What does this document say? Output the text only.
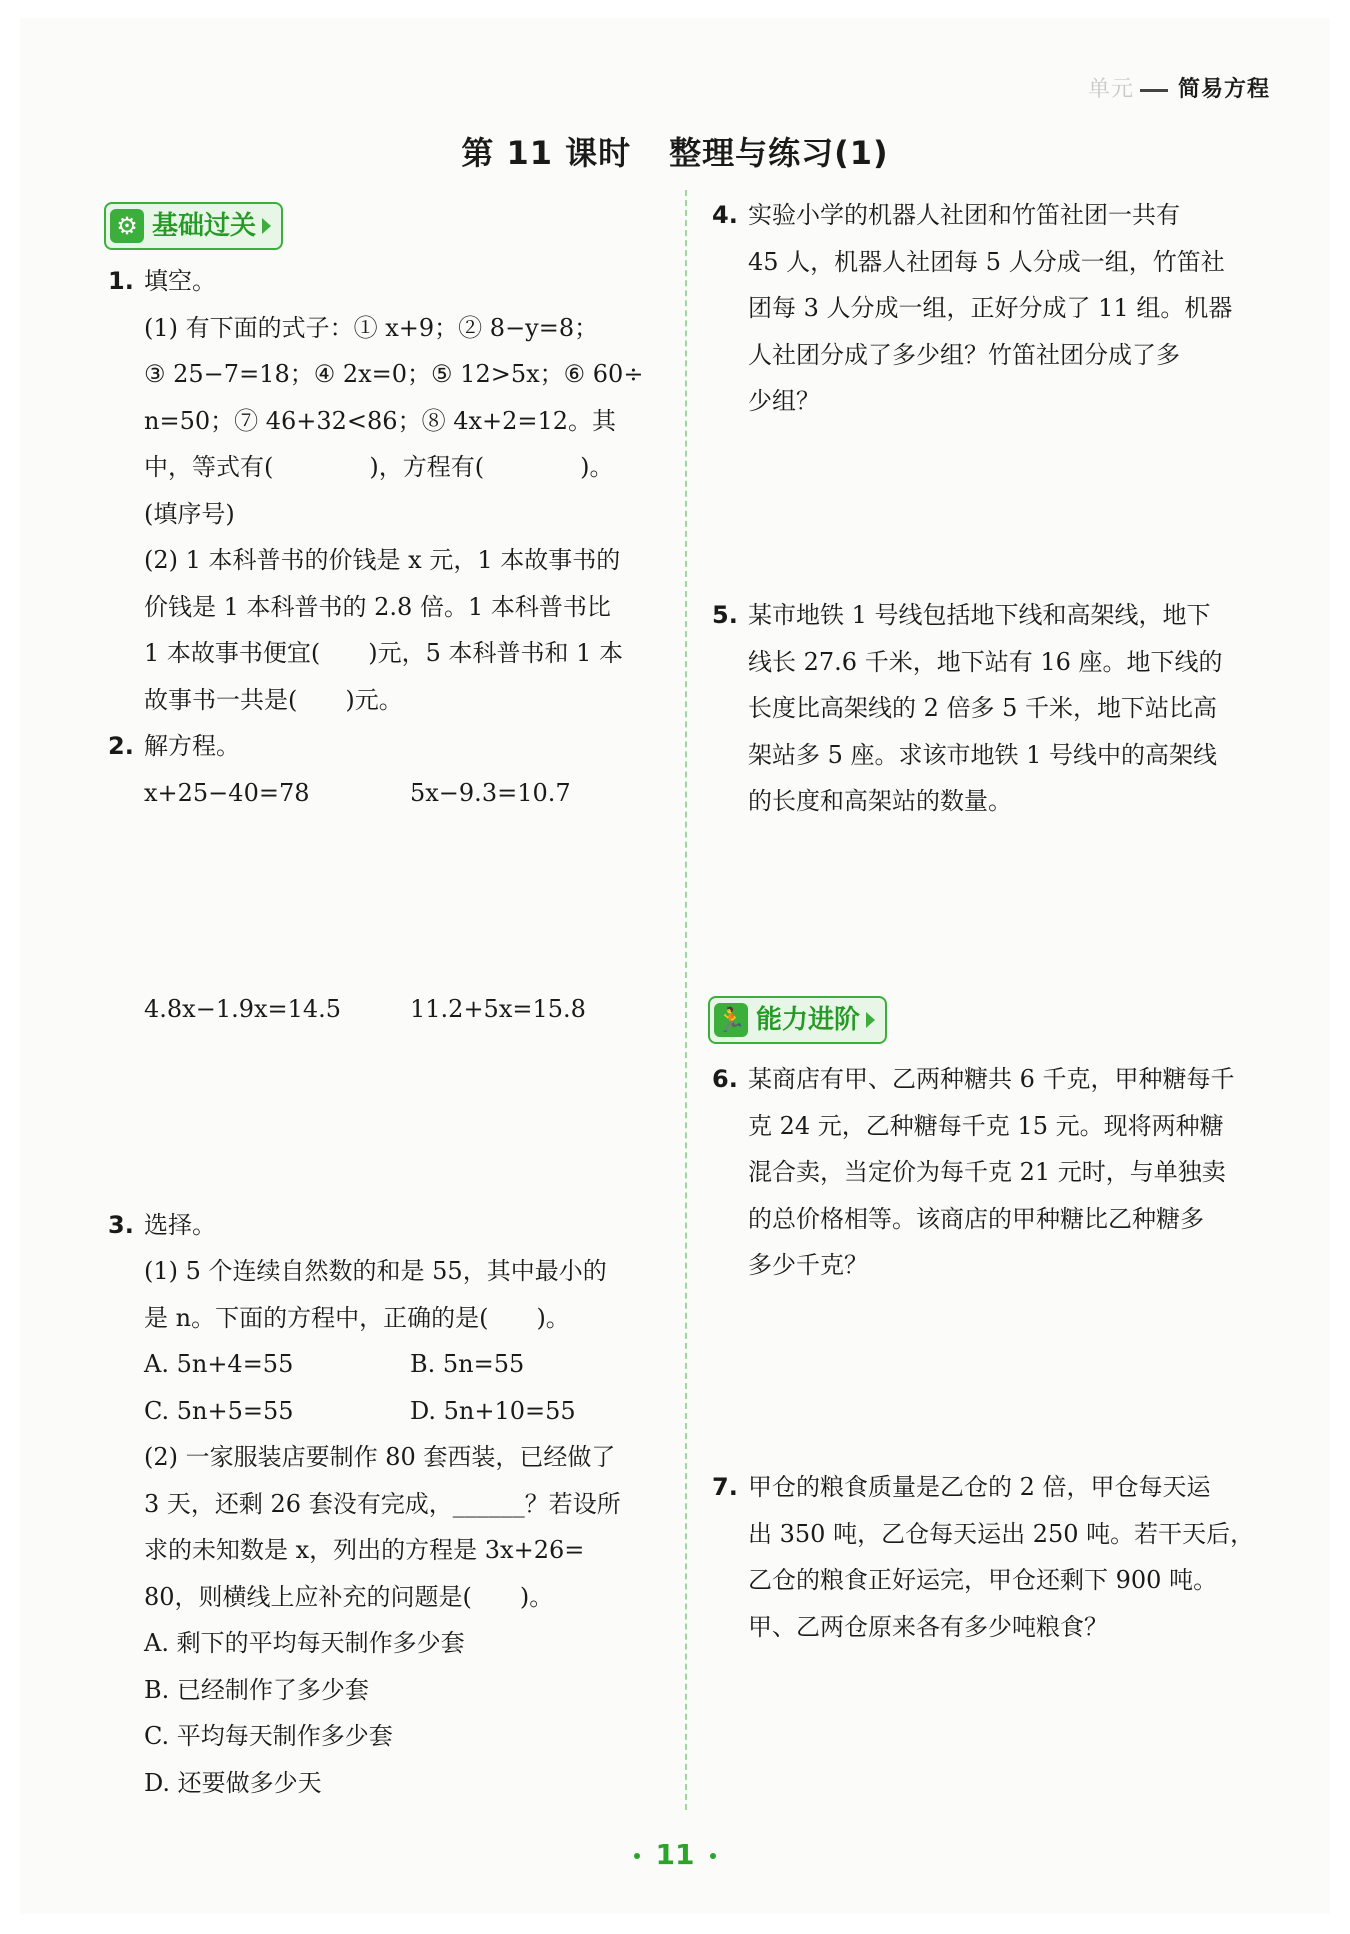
单元 简易方程
第 11 课时 整理与练习(1)
⚙ 基础过关
1. 填空。
(1) 有下面的式子：① x+9；② 8−y=8；
③ 25−7=18；④ 2x=0；⑤ 12>5x；⑥ 60÷
n=50；⑦ 46+32<86；⑧ 4x+2=12。其
中，等式有(　　　　)，方程有(　　　　)。
(填序号)
(2) 1 本科普书的价钱是 x 元，1 本故事书的
价钱是 1 本科普书的 2.8 倍。1 本科普书比
1 本故事书便宜(　　)元，5 本科普书和 1 本
故事书一共是(　　)元。
2. 解方程。
x+25−40=78	5x−9.3=10.7
4.8x−1.9x=14.5	11.2+5x=15.8
3. 选择。
(1) 5 个连续自然数的和是 55，其中最小的
是 n。下面的方程中，正确的是(　　)。
A. 5n+4=55	B. 5n=55
C. 5n+5=55	D. 5n+10=55
(2) 一家服装店要制作 80 套西装，已经做了
3 天，还剩 26 套没有完成，______？若设所
求的未知数是 x，列出的方程是 3x+26=
80，则横线上应补充的问题是(　　)。
A. 剩下的平均每天制作多少套
B. 已经制作了多少套
C. 平均每天制作多少套
D. 还要做多少天
4. 实验小学的机器人社团和竹笛社团一共有
45 人，机器人社团每 5 人分成一组，竹笛社
团每 3 人分成一组，正好分成了 11 组。机器
人社团分成了多少组？竹笛社团分成了多
少组？
5. 某市地铁 1 号线包括地下线和高架线，地下
线长 27.6 千米，地下站有 16 座。地下线的
长度比高架线的 2 倍多 5 千米，地下站比高
架站多 5 座。求该市地铁 1 号线中的高架线
的长度和高架站的数量。
🏃 能力进阶
6. 某商店有甲、乙两种糖共 6 千克，甲种糖每千
克 24 元，乙种糖每千克 15 元。现将两种糖
混合卖，当定价为每千克 21 元时，与单独卖
的总价格相等。该商店的甲种糖比乙种糖多
多少千克？
7. 甲仓的粮食质量是乙仓的 2 倍，甲仓每天运
出 350 吨，乙仓每天运出 250 吨。若干天后，
乙仓的粮食正好运完，甲仓还剩下 900 吨。
甲、乙两仓原来各有多少吨粮食？
11
